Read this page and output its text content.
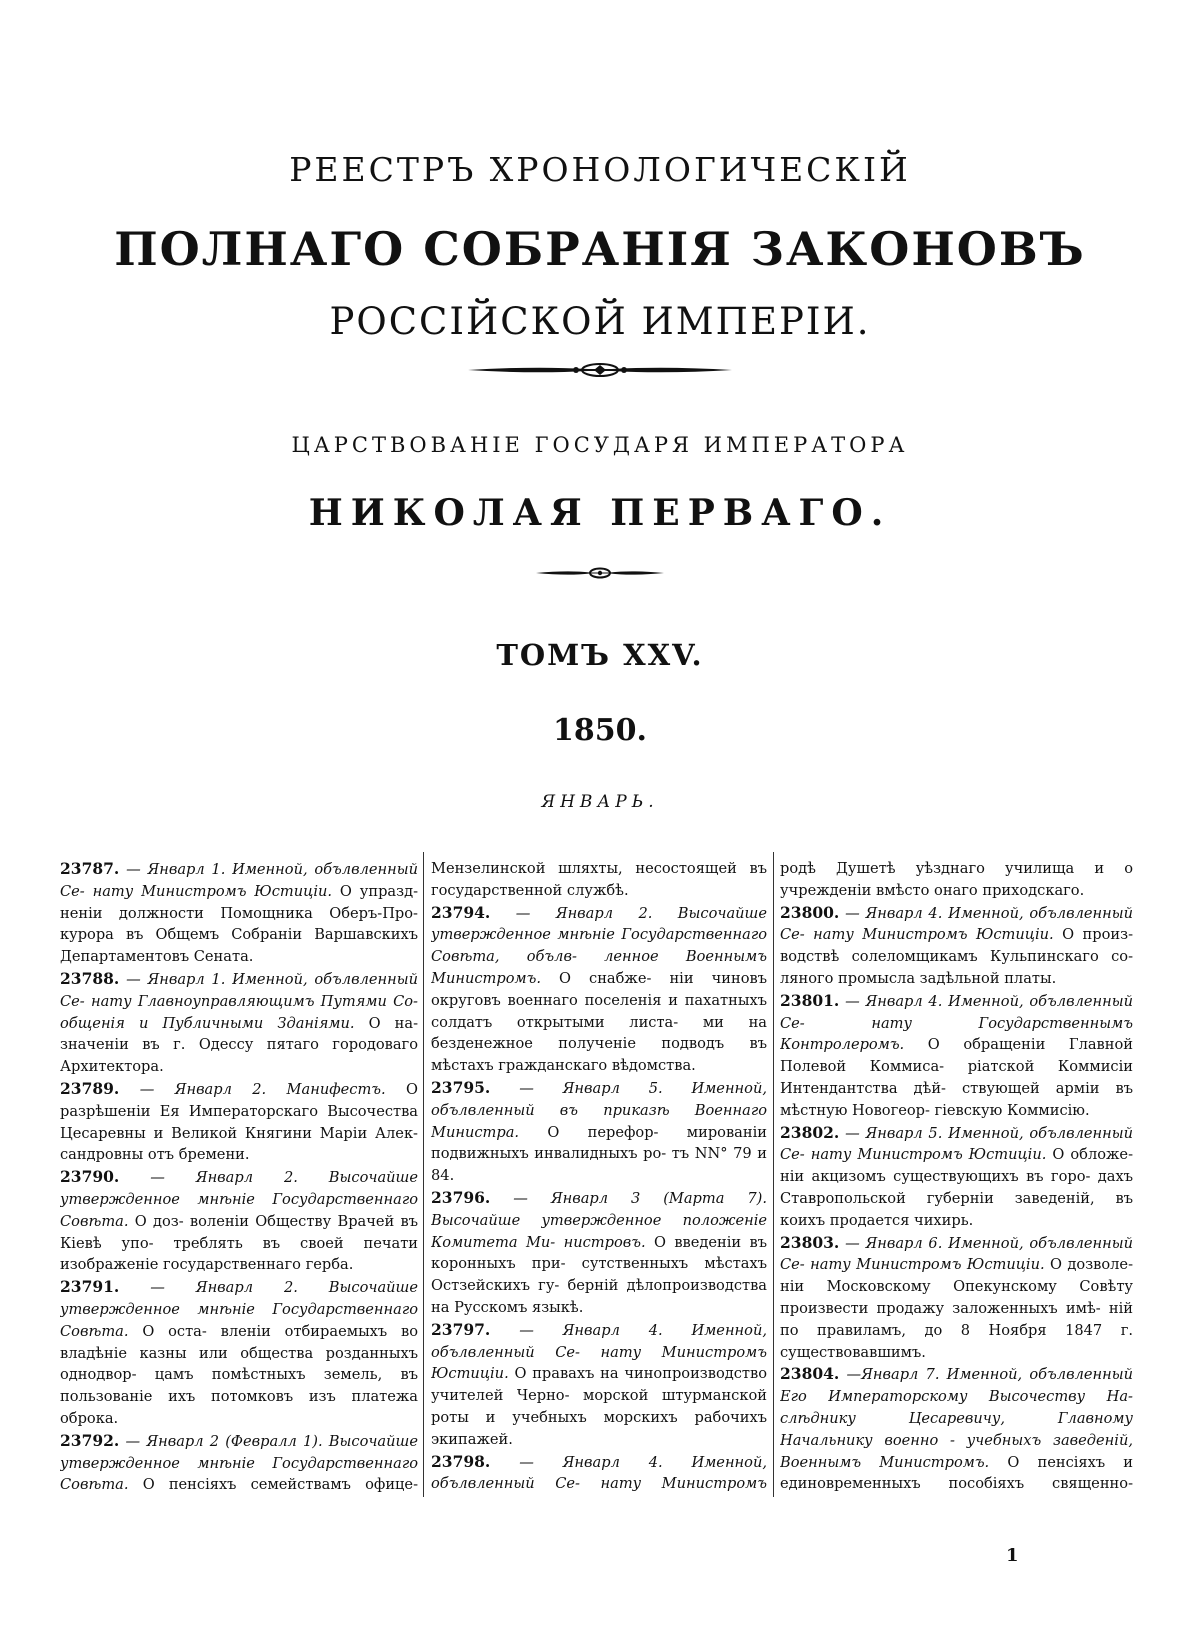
РЕЕСТРЪ ХРОНОЛОГИЧЕСКІЙ
ПОЛНАГО СОБРАНІЯ ЗАКОНОВЪ
РОССІЙСКОЙ ИМПЕРІИ.
ЦАРСТВОВАНІЕ ГОСУДАРЯ ИМПЕРАТОРА
НИКОЛАЯ ПЕРВАГО.
ТОМЪ XXV.
1850.
ЯНВАРЬ.

23787. — Январл 1. Именной, обълвленный Се- нату Министромъ Юстиціи. О упразд- неніи должности Помощника Оберъ-Про- курора въ Общемъ Собраніи Варшавскихъ Департаментовъ Сената.

23788. — Январл 1. Именной, обълвленный Се- нату Главноуправляющимъ Путями Со- общенія и Публичными Зданіями. О на- значеніи въ г. Одессу пятаго городоваго Архитектора.

23789. — Январл 2. Манифестъ. О разрѣшеніи Ея Императорскаго Высочества Цесаревны и Великой Княгини Маріи Алек- сандровны отъ бремени.

23790. — Январл 2. Высочайше утвержденное мнѣніе Государственнаго Совѣта. О доз- воленіи Обществу Врачей въ Кіевѣ упо- треблять въ своей печати изображеніе государственнаго герба.

23791. — Январл 2. Высочайше утвержденное мнѣніе Государственнаго Совѣта. О оста- вленіи отбираемыхъ во владѣніе казны или общества розданныхъ однодвор- цамъ помѣстныхъ земель, въ пользованіе ихъ потомковъ изъ платежа оброка.

23792. — Январл 2 (Февралл 1). Высочайше утвержденное мнѣніе Государственнаго Совѣта. О пенсіяхъ семействамъ офице-

Мензелинской шляхты, несостоящей въ государственной службѣ.

23794. — Январл 2. Высочайше утвержденное мнѣніе Государственнаго Совѣта, обълв- ленное Военнымъ Министромъ. О снабже- ніи чиновъ округовъ военнаго поселенія и пахатныхъ солдатъ открытыми листа- ми на безденежное полученіе подводъ въ мѣстахъ гражданскаго вѣдомства.

23795. — Январл 5. Именной, обълвленный въ приказѣ Военнаго Министра. О перефор- мированіи подвижныхъ инвалидныхъ ро- тъ NN° 79 и 84.

23796. — Январл 3 (Марта 7). Высочайше утвержденное положеніе Комитета Ми- нистровъ. О введеніи въ коронныхъ при- сутственныхъ мѣстахъ Остзейскихъ гу- берній дѣлопроизводства на Русскомъ языкѣ.

23797. — Январл 4. Именной, обълвленный Се- нату Министромъ Юстиціи. О правахъ на чинопроизводство учителей Черно- морской штурманской роты и учебныхъ морскихъ рабочихъ экипажей.

23798. — Январл 4. Именной, обълвленный Се- нату Министромъ

родѣ Душетѣ уѣзднаго училища и о учрежденіи вмѣсто онаго приходскаго.

23800. — Январл 4. Именной, обълвленный Се- нату Министромъ Юстиціи. О произ- водствѣ солеломщикамъ Кульпинскаго со- ляного промысла задѣльной платы.

23801. — Январл 4. Именной, обълвленный Се- нату Государственнымъ Контролеромъ. О обращеніи Главной Полевой Коммиса- ріатской Коммисіи Интендантства дѣй- ствующей арміи въ мѣстную Новогеор- гіевскую Коммисію.

23802. — Январл 5. Именной, обълвленный Се- нату Министромъ Юстиціи. О обложе- ніи акцизомъ существующихъ въ горо- дахъ Ставропольской губерніи заведеній, въ коихъ продается чихирь.

23803. — Январл 6. Именной, обълвленный Се- нату Министромъ Юстиціи. О дозволе- ніи Московскому Опекунскому Совѣту произвести продажу заложенныхъ имѣ- ній по правиламъ, до 8 Ноября 1847 г. существовавшимъ.

23804. —Январл 7. Именной, обълвленный Его Императорскому Высочеству На- слѣднику Цесаревичу, Главному Начальнику военно - учебныхъ заведеній, Военнымъ Министромъ. О пенсіяхъ и единовременныхъ пособіяхъ священно-

1
